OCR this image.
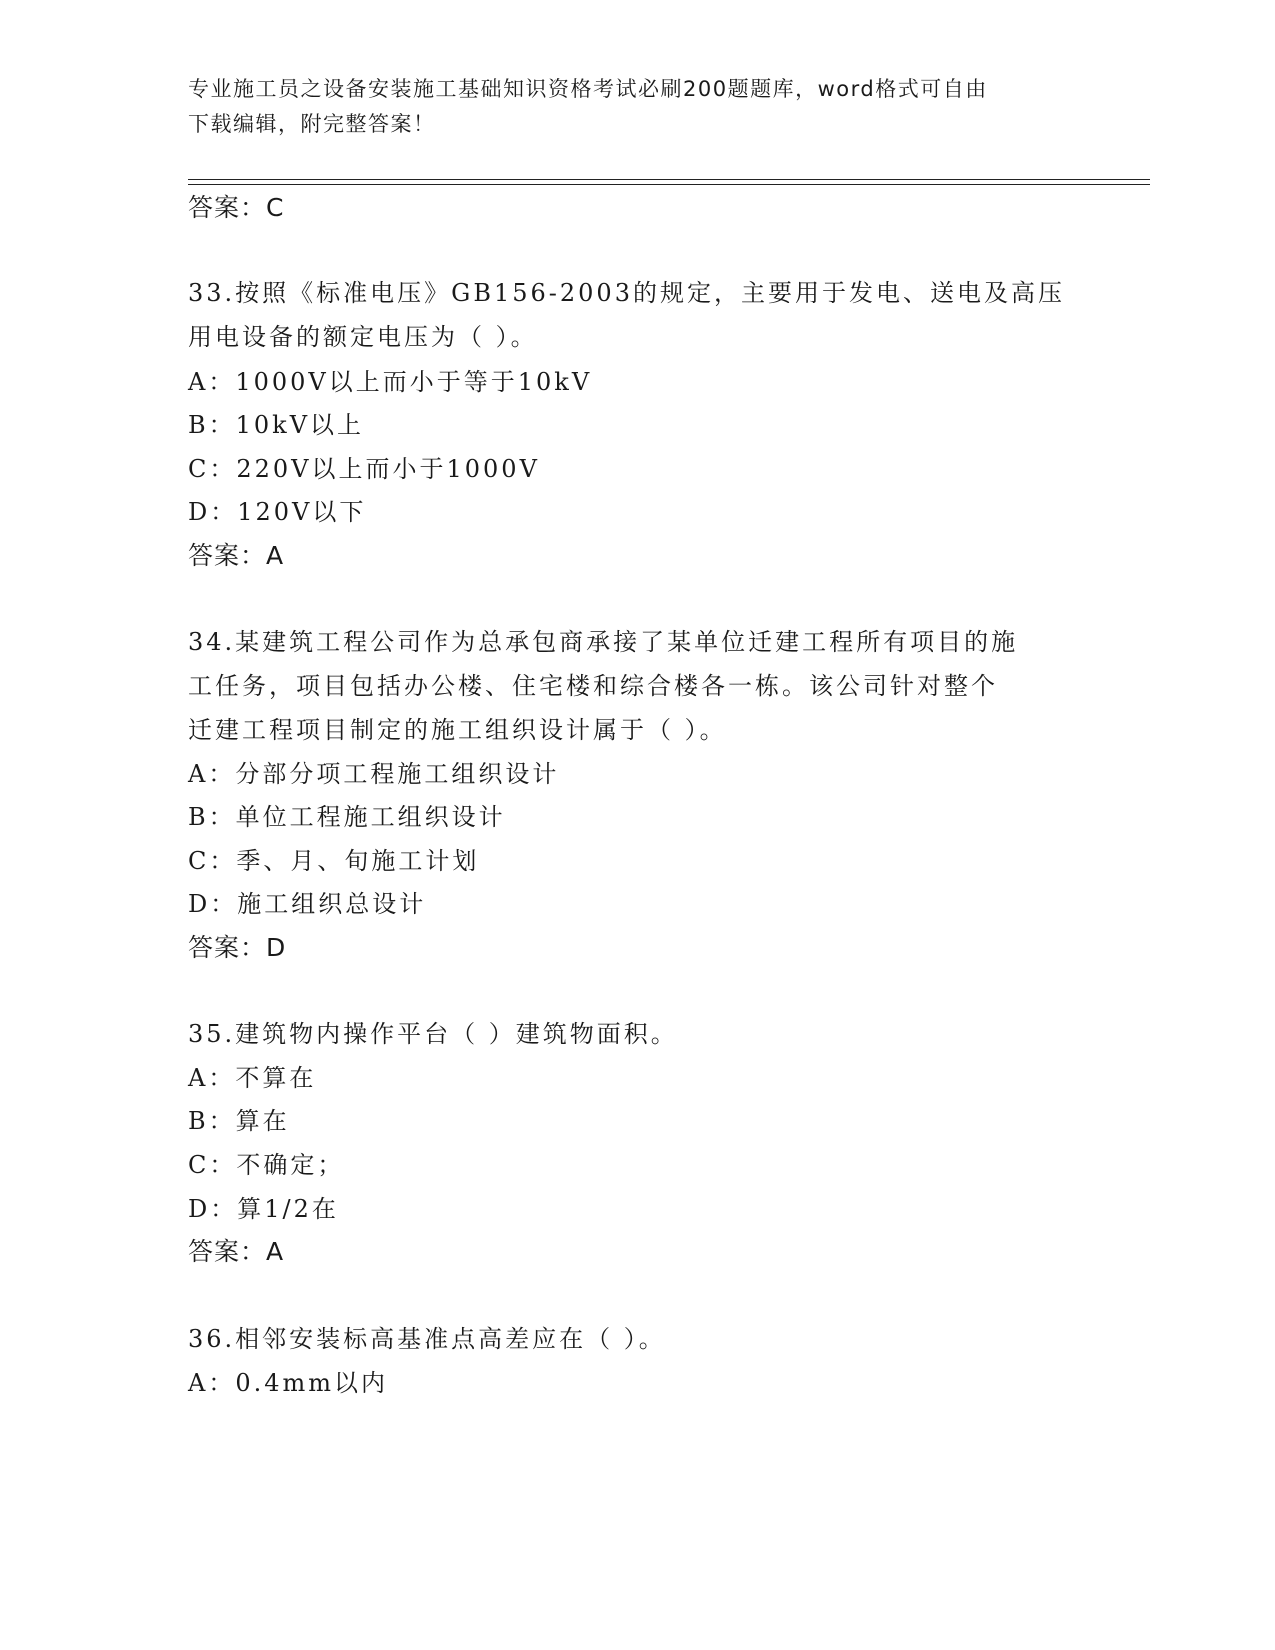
专业施工员之设备安装施工基础知识资格考试必刷200题题库，word格式可自由
下载编辑，附完整答案！
答案：C
33.按照《标准电压》GB156-2003的规定，主要用于发电、送电及高压
用电设备的额定电压为（ ）。
A：1000V以上而小于等于10kV
B：10kV以上
C：220V以上而小于1000V
D：120V以下
答案：A
34.某建筑工程公司作为总承包商承接了某单位迁建工程所有项目的施
工任务，项目包括办公楼、住宅楼和综合楼各一栋。该公司针对整个
迁建工程项目制定的施工组织设计属于（ ）。
A：分部分项工程施工组织设计
B：单位工程施工组织设计
C：季、月、旬施工计划
D：施工组织总设计
答案：D
35.建筑物内操作平台（ ）建筑物面积。
A：不算在
B：算在
C：不确定；
D：算1/2在
答案：A
36.相邻安装标高基准点高差应在（ ）。
A：0.4mm以内
